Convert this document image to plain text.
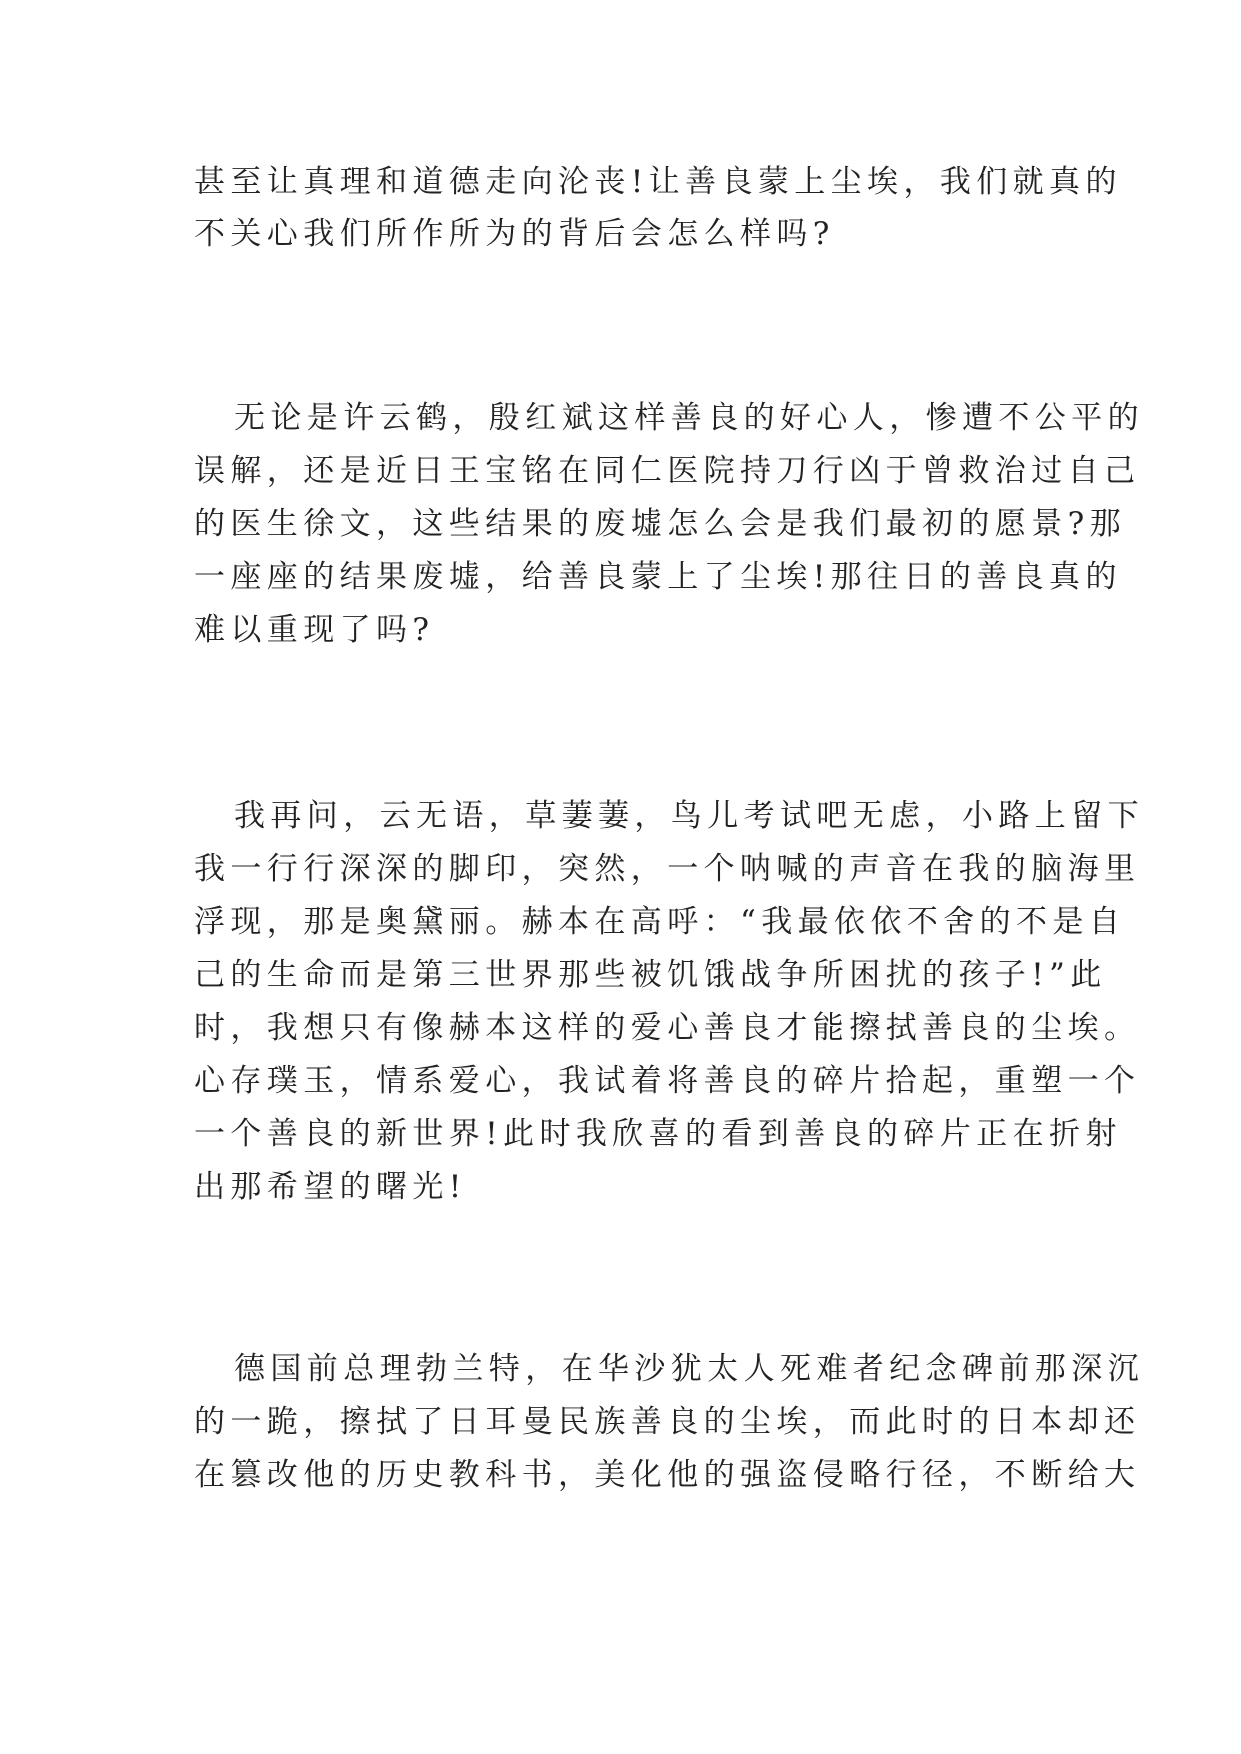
甚至让真理和道德走向沦丧!让善良蒙上尘埃，我们就真的
不关心我们所作所为的背后会怎么样吗?
无论是许云鹤，殷红斌这样善良的好心人，惨遭不公平的
误解，还是近日王宝铭在同仁医院持刀行凶于曾救治过自己
的医生徐文，这些结果的废墟怎么会是我们最初的愿景?那
一座座的结果废墟，给善良蒙上了尘埃!那往日的善良真的
难以重现了吗?
我再问，云无语，草萋萋，鸟儿考试吧无虑，小路上留下
我一行行深深的脚印，突然，一个呐喊的声音在我的脑海里
浮现，那是奥黛丽。赫本在高呼：“我最依依不舍的不是自
己的生命而是第三世界那些被饥饿战争所困扰的孩子!”此
时，我想只有像赫本这样的爱心善良才能擦拭善良的尘埃。
心存璞玉，情系爱心，我试着将善良的碎片拾起，重塑一个
一个善良的新世界!此时我欣喜的看到善良的碎片正在折射
出那希望的曙光!
德国前总理勃兰特，在华沙犹太人死难者纪念碑前那深沉
的一跪，擦拭了日耳曼民族善良的尘埃，而此时的日本却还
在篡改他的历史教科书，美化他的强盗侵略行径，不断给大
